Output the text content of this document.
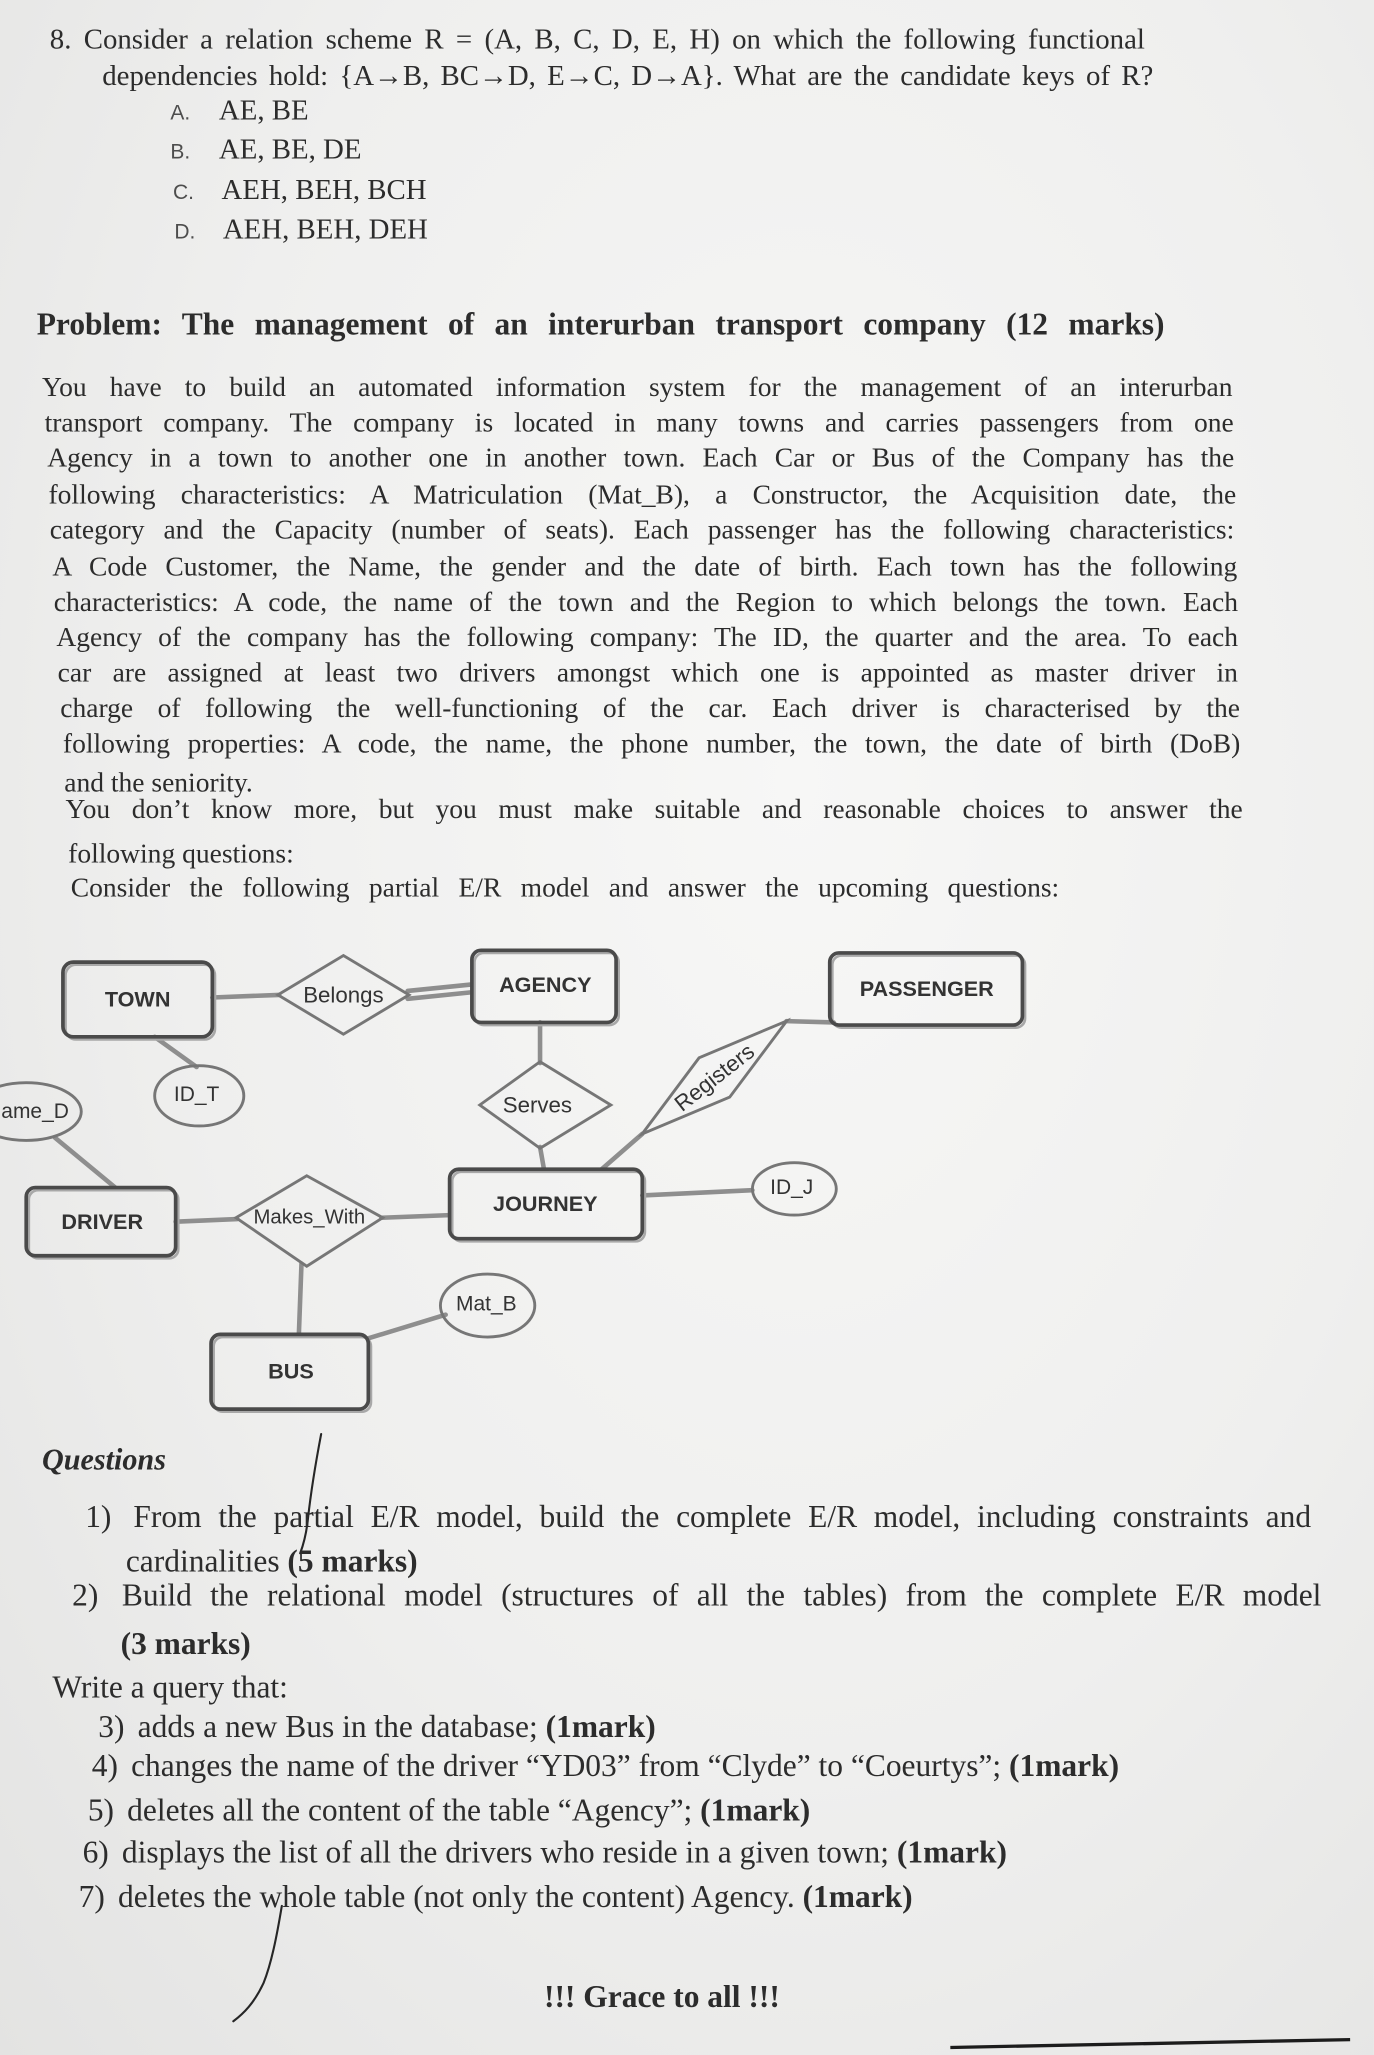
8. Consider a relation scheme R = (A, B, C, D, E, H) on which the following functional
dependencies hold: {A→B, BC→D, E→C, D→A}. What are the candidate keys of R?
A. AE, BE
B. AE, BE, DE
C. AEH, BEH, BCH
D. AEH, BEH, DEH
Problem: The management of an interurban transport company (12 marks)
You have to build an automated information system for the management of an interurban
transport company. The company is located in many towns and carries passengers from one
Agency in a town to another one in another town. Each Car or Bus of the Company has the
following characteristics: A Matriculation (Mat_B), a Constructor, the Acquisition date, the
category and the Capacity (number of seats). Each passenger has the following characteristics:
A Code Customer, the Name, the gender and the date of birth. Each town has the following
characteristics: A code, the name of the town and the Region to which belongs the town. Each
Agency of the company has the following company: The ID, the quarter and the area. To each
car are assigned at least two drivers amongst which one is appointed as master driver in
charge of following the well-functioning of the car. Each driver is characterised by the
following properties: A code, the name, the phone number, the town, the date of birth (DoB)
and the seniority.
You don’t know more, but you must make suitable and reasonable choices to answer the
following questions:
Consider the following partial E/R model and answer the upcoming questions:
TOWN	Belongs	AGENCY	PASSENGER
ID_T
ame_D	Serves	Registers
ID_J
DRIVER	Makes_With
JOURNEY
Mat_B
BUS
Questions
1) From the partial E/R model, build the complete E/R model, including constraints and
cardinalities (5 marks)
2) Build the relational model (structures of all the tables) from the complete E/R model
(3 marks)
Write a query that:
3) adds a new Bus in the database; (1mark)
4) changes the name of the driver “YD03” from “Clyde” to “Coeurtys”; (1mark)
5) deletes all the content of the table “Agency”; (1mark)
6) displays the list of all the drivers who reside in a given town; (1mark)
7) deletes the whole table (not only the content) Agency. (1mark)
!!! Grace to all !!!
